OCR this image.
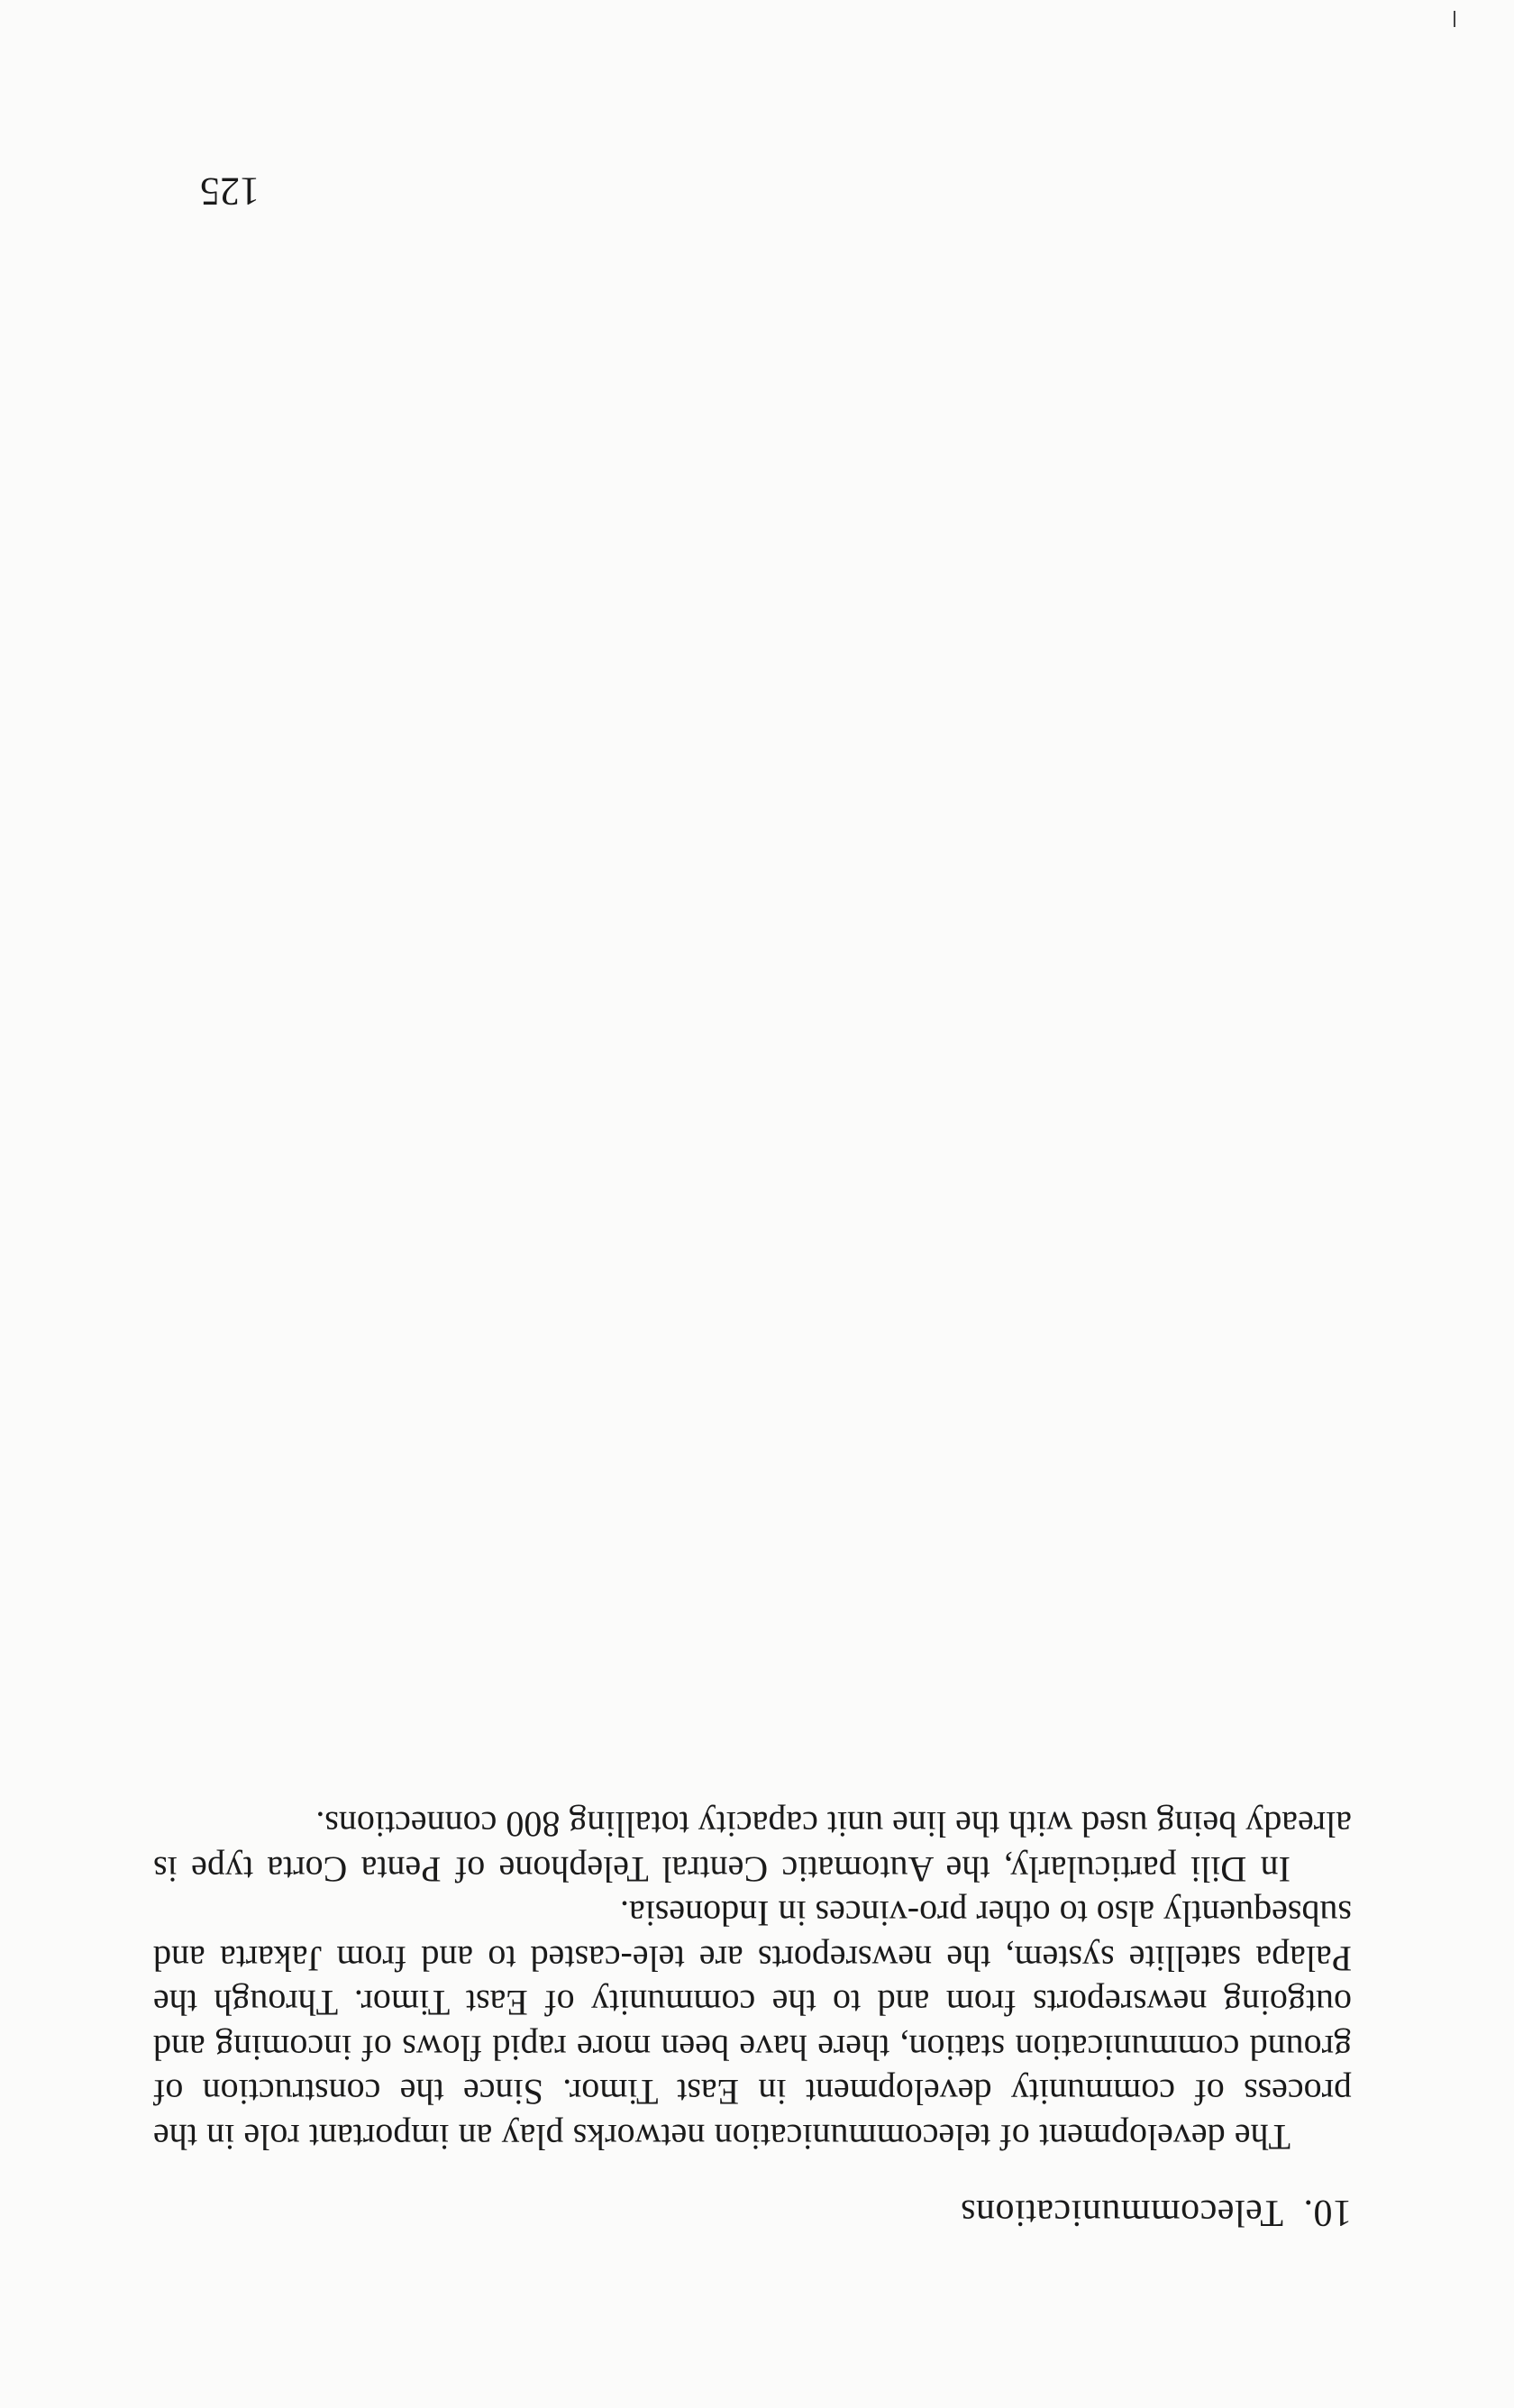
10.Telecommunications

The development of telecommunication networks play an important role in the process of community development in East Timor. Since the construction of ground communication station, there have been more rapid flows of incoming and outgoing newsreports from and to the community of East Timor. Through the Palapa satellite system, the newsreports are tele-casted to and from Jakarta and subsequently also to other pro-vinces in Indonesia.

In Dili particularly, the Automatic Central Telephone of Penta Corta type is already being used with the line unit capacity totalling 800 connections.

125
